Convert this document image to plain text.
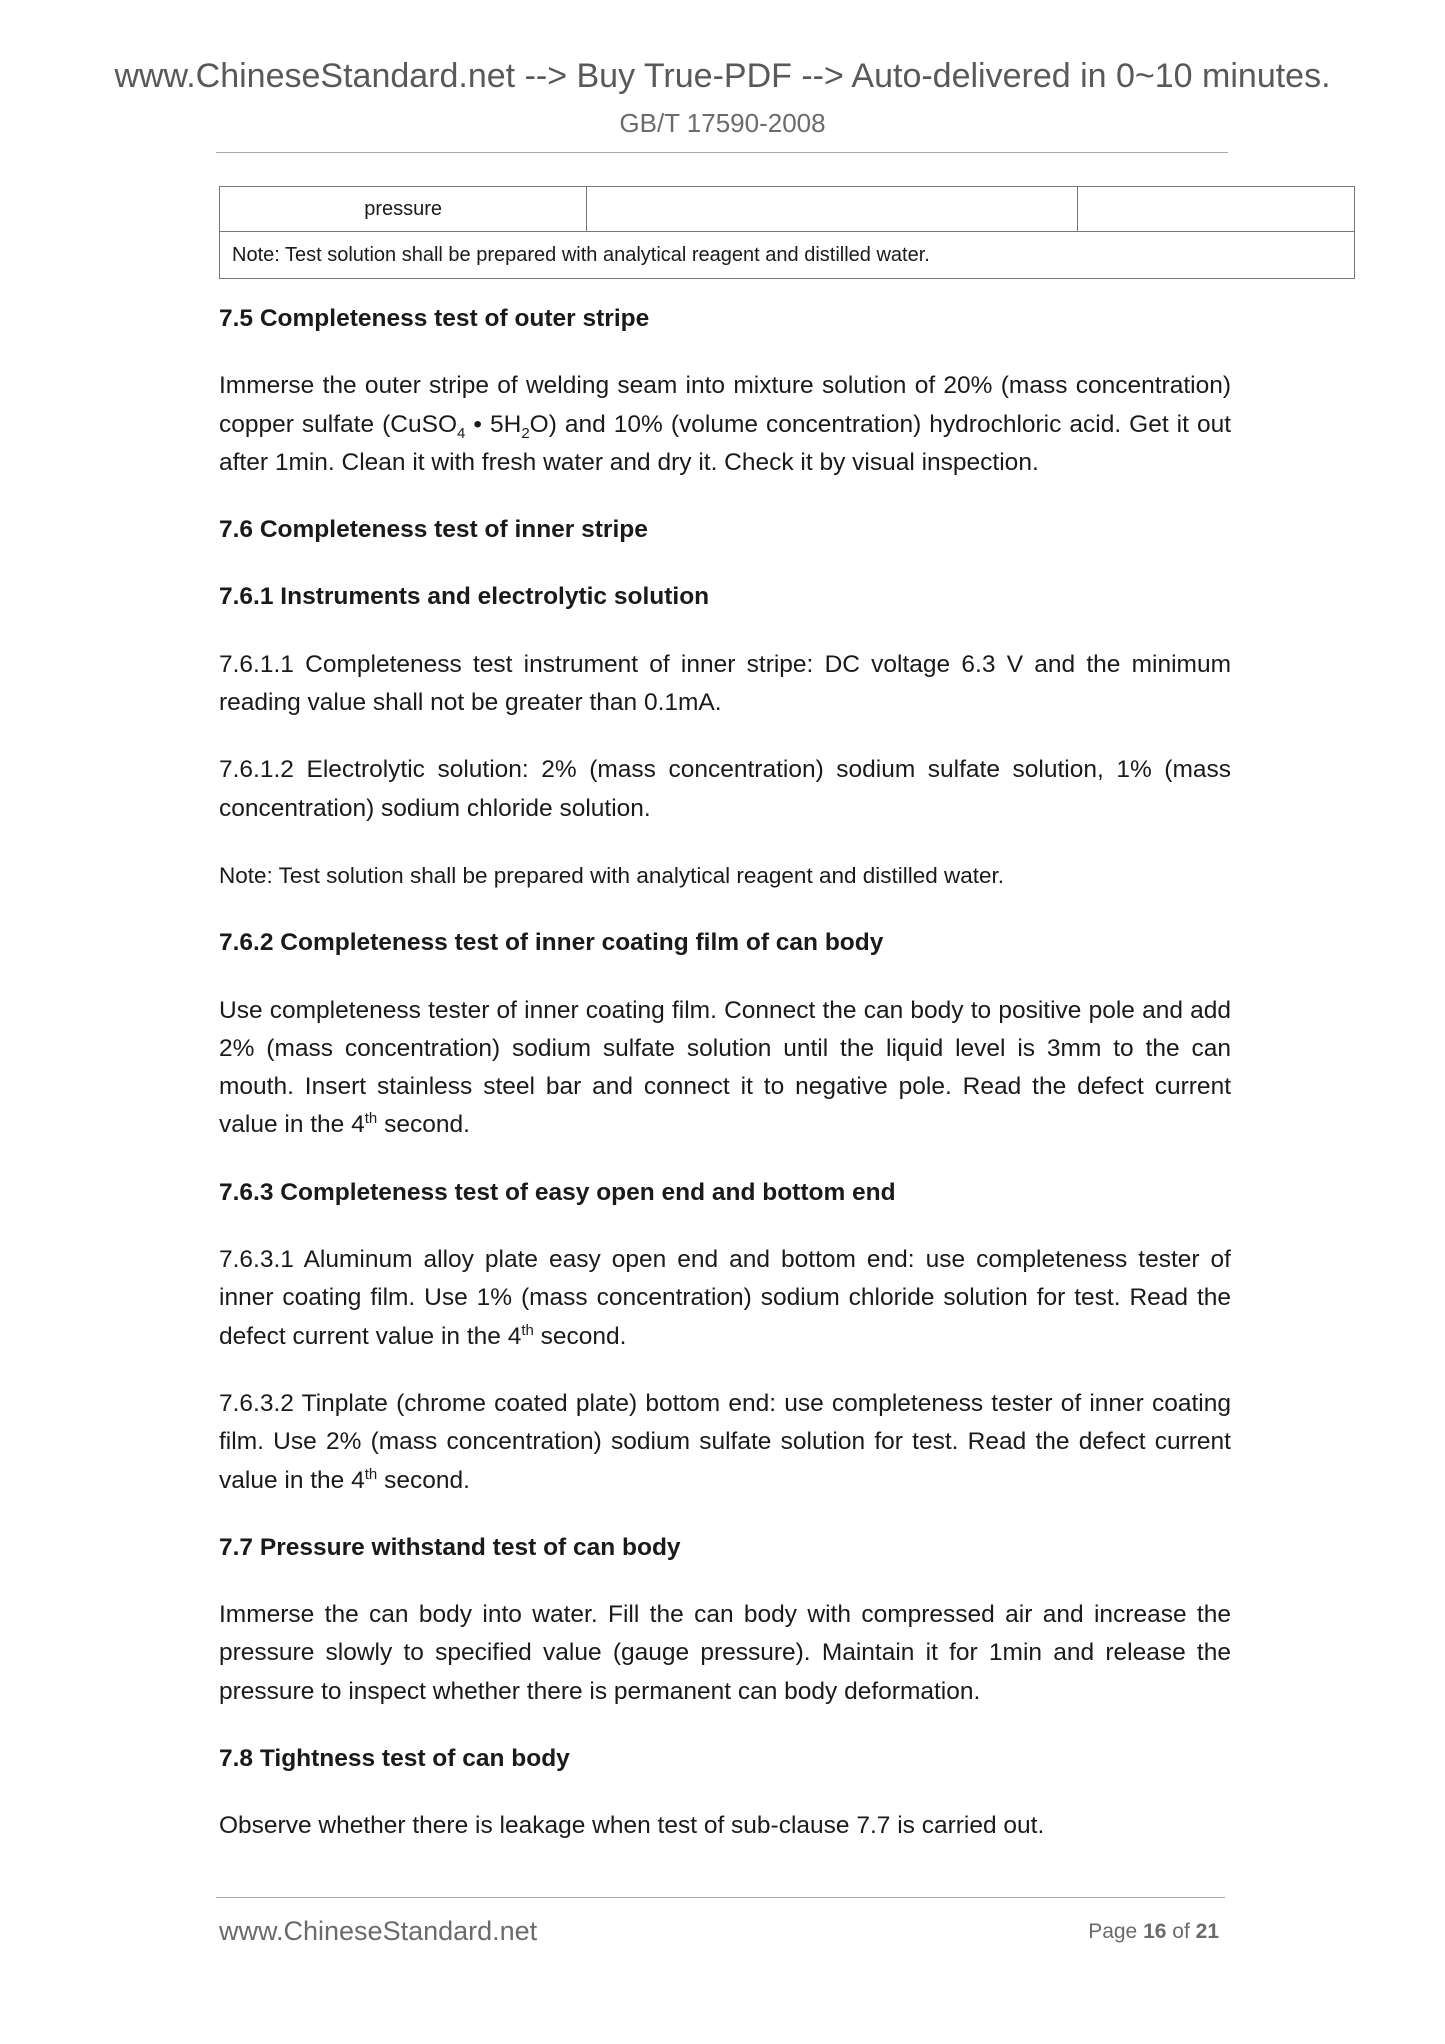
www.ChineseStandard.net --> Buy True-PDF --> Auto-delivered in 0~10 minutes.
GB/T 17590-2008
pressure		
Note: Test solution shall be prepared with analytical reagent and distilled water.

7.5 Completeness test of outer stripe

Immerse the outer stripe of welding seam into mixture solution of 20% (mass concentration) copper sulfate (CuSO$_4$ • $5H_2O$) and 10% (volume concentration) hydrochloric acid. Get it out after 1min. Clean it with fresh water and dry it. Check it by visual inspection.

7.6 Completeness test of inner stripe

7.6.1 Instruments and electrolytic solution

7.6.1.1 Completeness test instrument of inner stripe: DC voltage 6.3 V and the minimum reading value shall not be greater than 0.1mA.

7.6.1.2 Electrolytic solution: 2% (mass concentration) sodium sulfate solution, 1% (mass concentration) sodium chloride solution.

Note: Test solution shall be prepared with analytical reagent and distilled water.

7.6.2 Completeness test of inner coating film of can body

Use completeness tester of inner coating film. Connect the can body to positive pole and add 2% (mass concentration) sodium sulfate solution until the liquid level is 3mm to the can mouth. Insert stainless steel bar and connect it to negative pole. Read the defect current value in the 4th second.

7.6.3 Completeness test of easy open end and bottom end

7.6.3.1 Aluminum alloy plate easy open end and bottom end: use completeness tester of inner coating film. Use 1% (mass concentration) sodium chloride solution for test. Read the defect current value in the 4th second.

7.6.3.2 Tinplate (chrome coated plate) bottom end: use completeness tester of inner coating film. Use 2% (mass concentration) sodium sulfate solution for test. Read the defect current value in the 4th second.

7.7 Pressure withstand test of can body

Immerse the can body into water. Fill the can body with compressed air and increase the pressure slowly to specified value (gauge pressure). Maintain it for 1min and release the pressure to inspect whether there is permanent can body deformation.

7.8 Tightness test of can body

Observe whether there is leakage when test of sub-clause 7.7 is carried out.

www.ChineseStandard.net	Page 16 of 21
